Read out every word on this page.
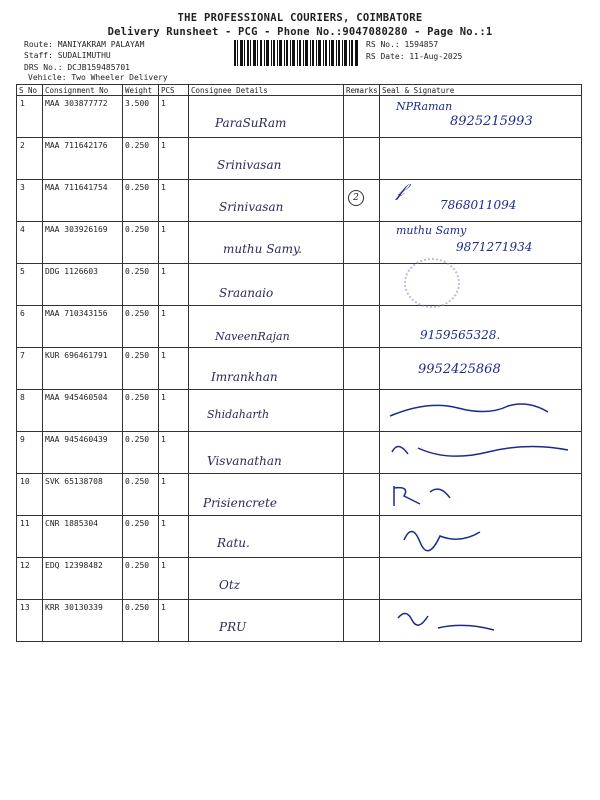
THE PROFESSIONAL COURIERS, COIMBATORE
Delivery Runsheet - PCG - Phone No.:9047080280 - Page No.:1
Route: MANIYAKRAM PALAYAM
Staff: SUDALIMUTHU
DRS No.: DCJB159485701
Vehicle: Two Wheeler Delivery
RS No.: 1594857
RS Date: 11-Aug-2025
S No	Consignment No	Weight	PCS	Consignee Details	Remarks	Seal & Signature
1	MAA 303877772	3.500	1	ParaSuRam		NPRaman
8925215993

2	MAA 711642176	0.250	1	Srinivasan		

3	MAA 711641754	0.250	1	Srinivasan	2	𝒻
7868011094

4	MAA 303926169	0.250	1	muthu Samy.		muthu Samy
9871271934

5	DDG 1126603	0.250	1	Sraanaio		

6	MAA 710343156	0.250	1	NaveenRajan		9159565328.

7	KUR 696461791	0.250	1	Imrankhan		9952425868

8	MAA 945460504	0.250	1	Shidaharth

9	MAA 945460439	0.250	1	Visvanathan

10	SVK 65138708	0.250	1	Prisiencrete

11	CNR 1885304	0.250	1	Ratu.

12	EDQ 12398482	0.250	1	Otz		

13	KRR 30130339	0.250	1	PRU
